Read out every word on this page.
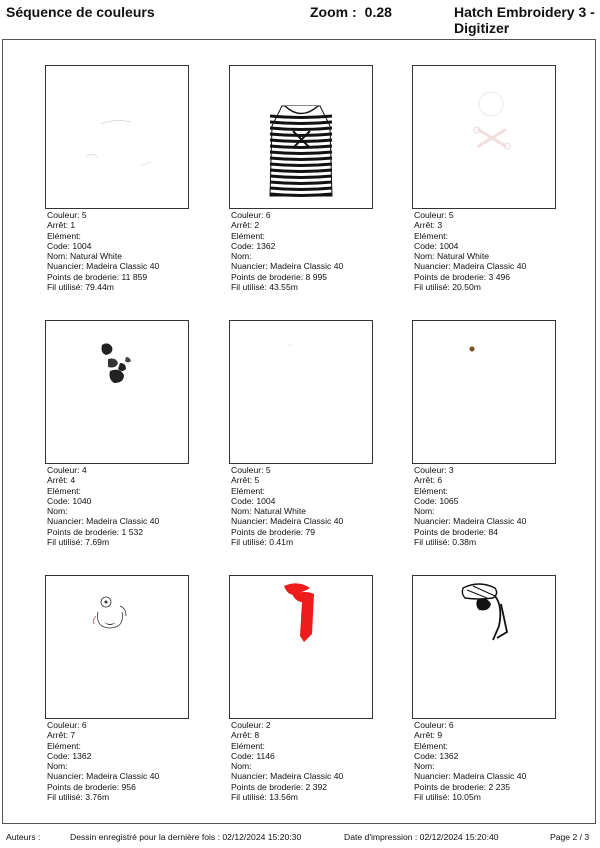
Séquence de couleurs	Zoom : 0.28	Hatch Embroidery 3 - Digitizer
Couleur: 5
Arrêt: 1
Elément:
Code: 1004
Nom: Natural White
Nuancier: Madeira Classic 40
Points de broderie: 11 859
Fil utilisé: 79.44m
Couleur: 6
Arrêt: 2
Elément:
Code: 1362
Nom:
Nuancier: Madeira Classic 40
Points de broderie: 8 995
Fil utilisé: 43.55m
Couleur: 5
Arrêt: 3
Elément:
Code: 1004
Nom: Natural White
Nuancier: Madeira Classic 40
Points de broderie: 3 496
Fil utilisé: 20.50m
Couleur: 4
Arrêt: 4
Elément:
Code: 1040
Nom:
Nuancier: Madeira Classic 40
Points de broderie: 1 532
Fil utilisé: 7.69m
Couleur: 5
Arrêt: 5
Elément:
Code: 1004
Nom: Natural White
Nuancier: Madeira Classic 40
Points de broderie: 79
Fil utilisé: 0.41m
Couleur: 3
Arrêt: 6
Elément:
Code: 1065
Nom:
Nuancier: Madeira Classic 40
Points de broderie: 84
Fil utilisé: 0.38m
Couleur: 6
Arrêt: 7
Elément:
Code: 1362
Nom:
Nuancier: Madeira Classic 40
Points de broderie: 956
Fil utilisé: 3.76m
Couleur: 2
Arrêt: 8
Elément:
Code: 1146
Nom:
Nuancier: Madeira Classic 40
Points de broderie: 2 392
Fil utilisé: 13.56m
Couleur: 6
Arrêt: 9
Elément:
Code: 1362
Nom:
Nuancier: Madeira Classic 40
Points de broderie: 2 235
Fil utilisé: 10.05m
Auteurs :	Dessin enregistré pour la dernière fois : 02/12/2024 15:20:30	Date d'impression : 02/12/2024 15:20:40	Page 2 / 3
